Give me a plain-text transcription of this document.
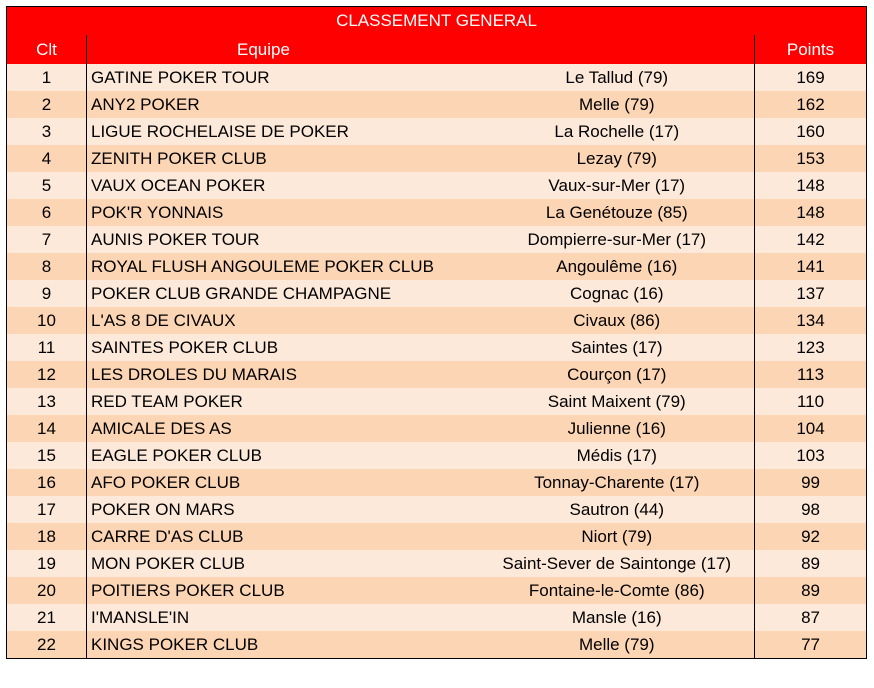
CLASSEMENT GENERAL			
Clt	Equipe		Points
1	GATINE POKER TOUR	Le Tallud (79)	169
2	ANY2 POKER	Melle (79)	162
3	LIGUE ROCHELAISE DE POKER	La Rochelle (17)	160
4	ZENITH POKER CLUB	Lezay (79)	153
5	VAUX OCEAN POKER	Vaux-sur-Mer (17)	148
6	POK'R YONNAIS	La Genétouze (85)	148
7	AUNIS POKER TOUR	Dompierre-sur-Mer (17)	142
8	ROYAL FLUSH ANGOULEME POKER CLUB	Angoulême (16)	141
9	POKER CLUB GRANDE CHAMPAGNE	Cognac (16)	137
10	L'AS 8 DE CIVAUX	Civaux (86)	134
11	SAINTES POKER CLUB	Saintes (17)	123
12	LES DROLES DU MARAIS	Courçon (17)	113
13	RED TEAM POKER	Saint Maixent (79)	110
14	AMICALE DES AS	Julienne (16)	104
15	EAGLE POKER CLUB	Médis (17)	103
16	AFO POKER CLUB	Tonnay-Charente (17)	99
17	POKER ON MARS	Sautron (44)	98
18	CARRE D'AS CLUB	Niort (79)	92
19	MON POKER CLUB	Saint-Sever de Saintonge (17)	89
20	POITIERS POKER CLUB	Fontaine-le-Comte (86)	89
21	I'MANSLE'IN	Mansle (16)	87
22	KINGS POKER CLUB	Melle (79)	77
